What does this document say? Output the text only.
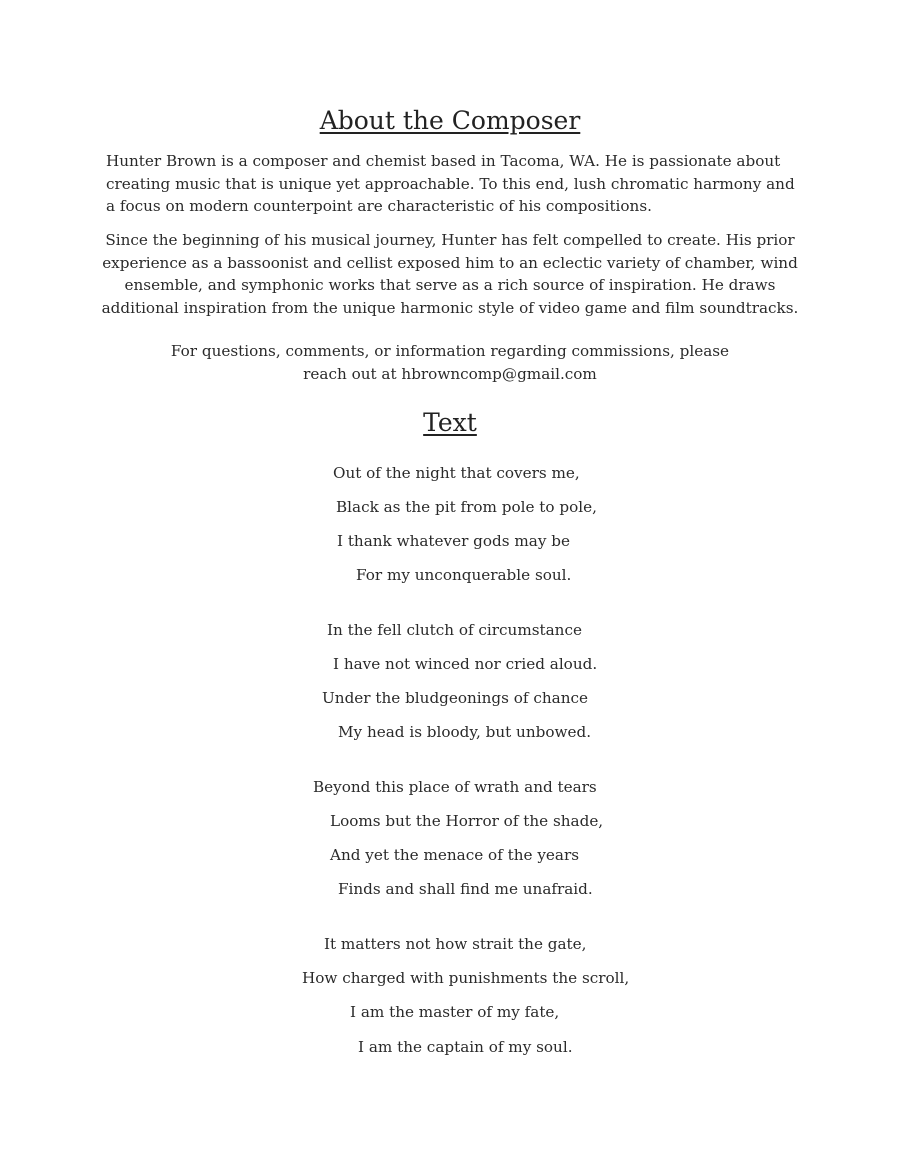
About the Composer
Hunter Brown is a composer and chemist based in Tacoma, WA. He is passionate about creating music that is unique yet approachable. To this end, lush chromatic harmony and a focus on modern counterpoint are characteristic of his compositions.
Since the beginning of his musical journey, Hunter has felt compelled to create. His prior experience as a bassoonist and cellist exposed him to an eclectic variety of chamber, wind ensemble, and symphonic works that serve as a rich source of inspiration. He draws additional inspiration from the unique harmonic style of video game and film soundtracks.
For questions, comments, or information regarding commissions, please reach out at hbrowncomp@gmail.com
Text
Out of the night that covers me,
Black as the pit from pole to pole,
I thank whatever gods may be
For my unconquerable soul.
In the fell clutch of circumstance
I have not winced nor cried aloud.
Under the bludgeonings of chance
My head is bloody, but unbowed.
Beyond this place of wrath and tears
Looms but the Horror of the shade,
And yet the menace of the years
Finds and shall find me unafraid.
It matters not how strait the gate,
How charged with punishments the scroll,
I am the master of my fate,
I am the captain of my soul.
